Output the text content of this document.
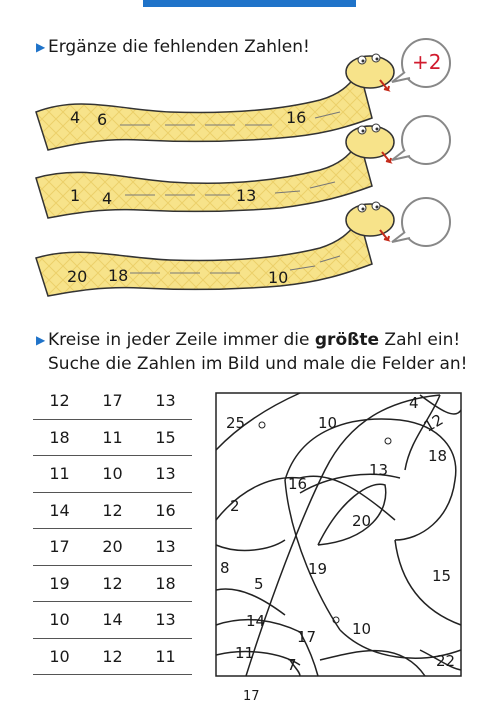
▶ Ergänze die fehlenden Zahlen!
+2
4 6	16
1 4	13
20 18	10
▶ Kreise in jeder Zeile immer die größte Zahl ein!
Suche die Zahlen im Bild und male die Felder an!
12	17	13
18	11	15
11	10	13
14	12	16
17	20	13
19	12	18
10	14	13
10	12	11
25	10
4
12
18
13
16
2
20
8	19
5	15
14
17 10
11
7	22
17
